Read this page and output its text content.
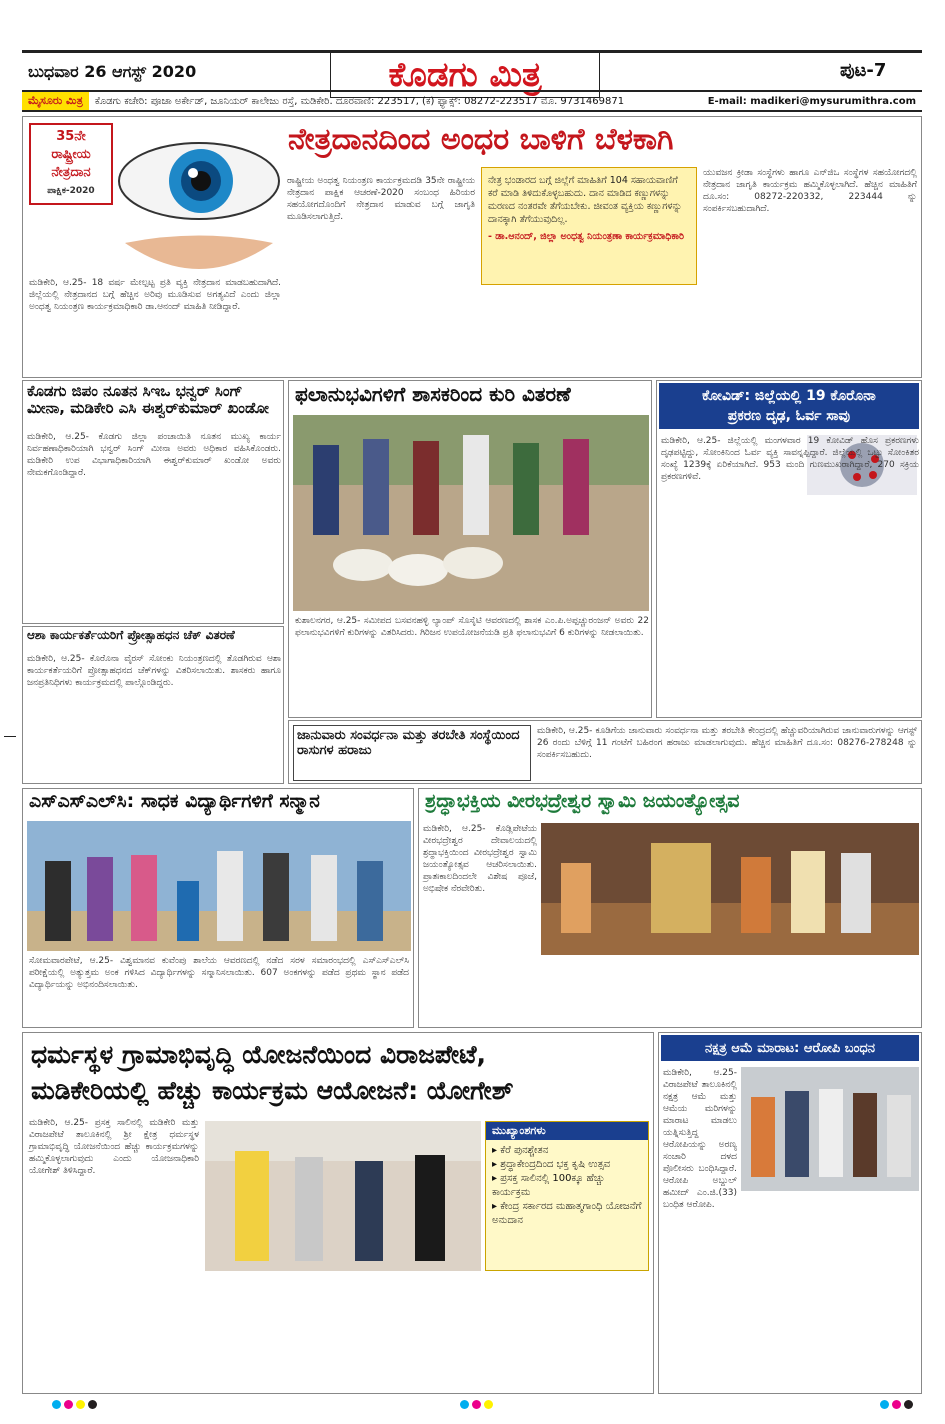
ಬುಧವಾರ 26 ಆಗಸ್ಟ್ 2020	ಕೊಡಗು ಮಿತ್ರ	ಪುಟ-7
ಮೈಸೂರು ಮಿತ್ರ	ಕೊಡಗು ಕಚೇರಿ: ಪೂಜಾ ಅರ್ಕೇಡ್, ಜೂನಿಯರ್ ಕಾಲೇಜು ರಸ್ತೆ, ಮಡಿಕೇರಿ. ದೂರವಾಣಿ: 223517, (ಕ) ಫ್ಯಾಕ್ಸ್: 08272-223517 ಮೊ. 9731469871	E-mail: madikeri@mysurumithra.com
35ನೇ
ರಾಷ್ಟ್ರೀಯ
ನೇತ್ರದಾನ
ಪಾಕ್ಷಿಕ-2020
ನೇತ್ರದಾನದಿಂದ ಅಂಧರ ಬಾಳಿಗೆ ಬೆಳಕಾಗಿ
ಮಡಿಕೇರಿ, ಆ.25- 18 ವರ್ಷ ಮೇಲ್ಪಟ್ಟ ಪ್ರತಿ ವ್ಯಕ್ತಿ ನೇತ್ರದಾನ ಮಾಡಬಹುದಾಗಿದೆ. ಜಿಲ್ಲೆಯಲ್ಲಿ ನೇತ್ರದಾನದ ಬಗ್ಗೆ ಹೆಚ್ಚಿನ ಅರಿವು ಮೂಡಿಸುವ ಅಗತ್ಯವಿದೆ ಎಂದು ಜಿಲ್ಲಾ ಅಂಧತ್ವ ನಿಯಂತ್ರಣ ಕಾರ್ಯಕ್ರಮಾಧಿಕಾರಿ ಡಾ.ಆನಂದ್ ಮಾಹಿತಿ ನೀಡಿದ್ದಾರೆ.
ರಾಷ್ಟ್ರೀಯ ಅಂಧತ್ವ ನಿಯಂತ್ರಣ ಕಾರ್ಯಕ್ರಮದಡಿ 35ನೇ ರಾಷ್ಟ್ರೀಯ ನೇತ್ರದಾನ ಪಾಕ್ಷಿಕ ಆಚರಣೆ-2020 ಸಂಬಂಧ ಹಿರಿಯರ ಸಹಯೋಗದೊಂದಿಗೆ ನೇತ್ರದಾನ ಮಾಡುವ ಬಗ್ಗೆ ಜಾಗೃತಿ ಮೂಡಿಸಲಾಗುತ್ತಿದೆ.
ನೇತ್ರ ಭಂಡಾರದ ಬಗ್ಗೆ ಜಿಲ್ಲೆಗೆ ಮಾಹಿತಿಗೆ 104 ಸಹಾಯವಾಣಿಗೆ ಕರೆ ಮಾಡಿ ತಿಳಿದುಕೊಳ್ಳಬಹುದು. ದಾನ ಮಾಡಿದ ಕಣ್ಣುಗಳನ್ನು ಮರಣದ ನಂತರವೇ ತೆಗೆಯಬೇಕು. ಜೀವಂತ ವ್ಯಕ್ತಿಯ ಕಣ್ಣುಗಳನ್ನು ದಾನಕ್ಕಾಗಿ ತೆಗೆಯುವುದಿಲ್ಲ.
- ಡಾ.ಆನಂದ್, ಜಿಲ್ಲಾ ಅಂಧತ್ವ ನಿಯಂತ್ರಣಾ ಕಾರ್ಯಕ್ರಮಾಧಿಕಾರಿ
ಯುವಜನ ಕ್ರೀಡಾ ಸಂಸ್ಥೆಗಳು ಹಾಗೂ ಎನ್‌ಜಿಒ ಸಂಸ್ಥೆಗಳ ಸಹಯೋಗದಲ್ಲಿ ನೇತ್ರದಾನ ಜಾಗೃತಿ ಕಾರ್ಯಕ್ರಮ ಹಮ್ಮಿಕೊಳ್ಳಲಾಗಿದೆ. ಹೆಚ್ಚಿನ ಮಾಹಿತಿಗೆ ದೂ.ಸಂ: 08272-220332, 223444 ನ್ನು ಸಂಪರ್ಕಿಸಬಹುದಾಗಿದೆ.
ಕೊಡಗು ಜಿಪಂ ನೂತನ ಸಿಇಒ ಭನ್ವರ್ ಸಿಂಗ್ ಮೀನಾ, ಮಡಿಕೇರಿ ಎಸಿ ಈಶ್ವರ್‌ಕುಮಾರ್ ಖಂಡೋ
ಮಡಿಕೇರಿ, ಆ.25- ಕೊಡಗು ಜಿಲ್ಲಾ ಪಂಚಾಯಿತಿ ನೂತನ ಮುಖ್ಯ ಕಾರ್ಯ ನಿರ್ವಹಣಾಧಿಕಾರಿಯಾಗಿ ಭನ್ವರ್ ಸಿಂಗ್ ಮೀನಾ ಅವರು ಅಧಿಕಾರ ವಹಿಸಿಕೊಂಡರು. ಮಡಿಕೇರಿ ಉಪ ವಿಭಾಗಾಧಿಕಾರಿಯಾಗಿ ಈಶ್ವರ್‌ಕುಮಾರ್ ಖಂಡೋ ಅವರು ನೇಮಕಗೊಂಡಿದ್ದಾರೆ.
ಆಶಾ ಕಾರ್ಯಕರ್ತೆಯರಿಗೆ ಪ್ರೋತ್ಸಾಹಧನ ಚೆಕ್ ವಿತರಣೆ
ಮಡಿಕೇರಿ, ಆ.25- ಕೊರೊನಾ ವೈರಸ್ ಸೋಂಕು ನಿಯಂತ್ರಣದಲ್ಲಿ ತೊಡಗಿರುವ ಆಶಾ ಕಾರ್ಯಕರ್ತೆಯರಿಗೆ ಪ್ರೋತ್ಸಾಹಧನದ ಚೆಕ್‌ಗಳನ್ನು ವಿತರಿಸಲಾಯಿತು. ಶಾಸಕರು ಹಾಗೂ ಜನಪ್ರತಿನಿಧಿಗಳು ಕಾರ್ಯಕ್ರಮದಲ್ಲಿ ಪಾಲ್ಗೊಂಡಿದ್ದರು.
ಫಲಾನುಭವಿಗಳಿಗೆ ಶಾಸಕರಿಂದ ಕುರಿ ವಿತರಣೆ
ಕುಶಾಲನಗರ, ಆ.25- ಸಮೀಪದ ಬಸವನಹಳ್ಳಿ ಲ್ಯಾಂಪ್ ಸೊಸೈಟಿ ಆವರಣದಲ್ಲಿ ಶಾಸಕ ಎಂ.ಪಿ.ಅಪ್ಪಚ್ಚುರಂಜನ್ ಅವರು 22 ಫಲಾನುಭವಿಗಳಿಗೆ ಕುರಿಗಳನ್ನು ವಿತರಿಸಿದರು. ಗಿರಿಜನ ಉಪಯೋಜನೆಯಡಿ ಪ್ರತಿ ಫಲಾನುಭವಿಗೆ 6 ಕುರಿಗಳನ್ನು ನೀಡಲಾಯಿತು.
ಕೋವಿಡ್: ಜಿಲ್ಲೆಯಲ್ಲಿ 19 ಕೊರೊನಾ
ಪ್ರಕರಣ ದೃಢ, ಓರ್ವ ಸಾವು
ಮಡಿಕೇರಿ, ಆ.25- ಜಿಲ್ಲೆಯಲ್ಲಿ ಮಂಗಳವಾರ 19 ಕೋವಿಡ್ ಹೊಸ ಪ್ರಕರಣಗಳು ದೃಢಪಟ್ಟಿದ್ದು, ಸೋಂಕಿನಿಂದ ಓರ್ವ ವ್ಯಕ್ತಿ ಸಾವನ್ನಪ್ಪಿದ್ದಾರೆ. ಜಿಲ್ಲೆಯಲ್ಲಿ ಒಟ್ಟು ಸೋಂಕಿತರ ಸಂಖ್ಯೆ 1239ಕ್ಕೆ ಏರಿಕೆಯಾಗಿದೆ. 953 ಮಂದಿ ಗುಣಮುಖರಾಗಿದ್ದಾರೆ, 270 ಸಕ್ರಿಯ ಪ್ರಕರಣಗಳಿವೆ.
ಜಾನುವಾರು ಸಂವರ್ಧನಾ ಮತ್ತು ತರಬೇತಿ ಸಂಸ್ಥೆಯಿಂದ ರಾಸುಗಳ ಹರಾಜು
ಮಡಿಕೇರಿ, ಆ.25- ಕೂಡಿಗೆಯ ಜಾನುವಾರು ಸಂವರ್ಧನಾ ಮತ್ತು ತರಬೇತಿ ಕೇಂದ್ರದಲ್ಲಿ ಹೆಚ್ಚುವರಿಯಾಗಿರುವ ಜಾನುವಾರುಗಳನ್ನು ಆಗಸ್ಟ್ 26 ರಂದು ಬೆಳಿಗ್ಗೆ 11 ಗಂಟೆಗೆ ಬಹಿರಂಗ ಹರಾಜು ಮಾಡಲಾಗುವುದು. ಹೆಚ್ಚಿನ ಮಾಹಿತಿಗೆ ದೂ.ಸಂ: 08276-278248 ನ್ನು ಸಂಪರ್ಕಿಸಬಹುದು.
ಎಸ್‌ಎಸ್‌ಎಲ್‌ಸಿ: ಸಾಧಕ ವಿದ್ಯಾರ್ಥಿಗಳಿಗೆ ಸನ್ಮಾನ
ಸೋಮವಾರಪೇಟೆ, ಆ.25- ವಿಶ್ವಮಾನವ ಕುವೆಂಪು ಶಾಲೆಯ ಆವರಣದಲ್ಲಿ ನಡೆದ ಸರಳ ಸಮಾರಂಭದಲ್ಲಿ ಎಸ್‌ಎಸ್‌ಎಲ್‌ಸಿ ಪರೀಕ್ಷೆಯಲ್ಲಿ ಅತ್ಯುತ್ತಮ ಅಂಕ ಗಳಿಸಿದ ವಿದ್ಯಾರ್ಥಿಗಳನ್ನು ಸನ್ಮಾನಿಸಲಾಯಿತು. 607 ಅಂಕಗಳನ್ನು ಪಡೆದ ಪ್ರಥಮ ಸ್ಥಾನ ಪಡೆದ ವಿದ್ಯಾರ್ಥಿಯನ್ನು ಅಭಿನಂದಿಸಲಾಯಿತು.
ಶ್ರದ್ಧಾಭಕ್ತಿಯ ವೀರಭದ್ರೇಶ್ವರ ಸ್ವಾಮಿ ಜಯಂತ್ಯೋತ್ಸವ
ಮಡಿಕೇರಿ, ಆ.25- ಕೊಡ್ಲಿಪೇಟೆಯ ವೀರಭದ್ರೇಶ್ವರ ದೇವಾಲಯದಲ್ಲಿ ಶ್ರದ್ಧಾಭಕ್ತಿಯಿಂದ ವೀರಭದ್ರೇಶ್ವರ ಸ್ವಾಮಿ ಜಯಂತ್ಯೋತ್ಸವ ಆಚರಿಸಲಾಯಿತು. ಪ್ರಾತಃಕಾಲದಿಂದಲೇ ವಿಶೇಷ ಪೂಜೆ, ಅಭಿಷೇಕ ನೆರವೇರಿತು.
ಧರ್ಮಸ್ಥಳ ಗ್ರಾಮಾಭಿವೃದ್ಧಿ ಯೋಜನೆಯಿಂದ ವಿರಾಜಪೇಟೆ,
ಮಡಿಕೇರಿಯಲ್ಲಿ ಹೆಚ್ಚು ಕಾರ್ಯಕ್ರಮ ಆಯೋಜನೆ: ಯೋಗೇಶ್
ಮಡಿಕೇರಿ, ಆ.25- ಪ್ರಸಕ್ತ ಸಾಲಿನಲ್ಲಿ ಮಡಿಕೇರಿ ಮತ್ತು ವಿರಾಜಪೇಟೆ ತಾಲೂಕಿನಲ್ಲಿ ಶ್ರೀ ಕ್ಷೇತ್ರ ಧರ್ಮಸ್ಥಳ ಗ್ರಾಮಾಭಿವೃದ್ಧಿ ಯೋಜನೆಯಿಂದ ಹೆಚ್ಚು ಕಾರ್ಯಕ್ರಮಗಳನ್ನು ಹಮ್ಮಿಕೊಳ್ಳಲಾಗುವುದು ಎಂದು ಯೋಜನಾಧಿಕಾರಿ ಯೋಗೇಶ್ ತಿಳಿಸಿದ್ದಾರೆ.
ಮುಖ್ಯಾಂಶಗಳು
▸ ಕೆರೆ ಪುನಶ್ಚೇತನ
▸ ಶ್ರದ್ಧಾಕೇಂದ್ರದಿಂದ ಭಕ್ತ ಕೃಷಿ ಉತ್ಸವ
▸ ಪ್ರಸಕ್ತ ಸಾಲಿನಲ್ಲಿ 100ಕ್ಕೂ ಹೆಚ್ಚು ಕಾರ್ಯಕ್ರಮ
▸ ಕೇಂದ್ರ ಸರ್ಕಾರದ ಮಹಾತ್ಮಗಾಂಧಿ ಯೋಜನೆಗೆ ಅನುದಾನ
ನಕ್ಷತ್ರ ಆಮೆ ಮಾರಾಟ: ಆರೋಪಿ ಬಂಧನ
ಮಡಿಕೇರಿ, ಆ.25- ವಿರಾಜಪೇಟೆ ತಾಲೂಕಿನಲ್ಲಿ ನಕ್ಷತ್ರ ಆಮೆ ಮತ್ತು ಆಮೆಯ ಮರಿಗಳನ್ನು ಮಾರಾಟ ಮಾಡಲು ಯತ್ನಿಸುತ್ತಿದ್ದ ಆರೋಪಿಯನ್ನು ಅರಣ್ಯ ಸಂಚಾರಿ ದಳದ ಪೊಲೀಸರು ಬಂಧಿಸಿದ್ದಾರೆ. ಆರೋಪಿ ಅಬ್ದುಲ್ ಹಮೀದ್ ಎಂ.ಜಿ.(33) ಬಂಧಿತ ಆರೋಪಿ.
